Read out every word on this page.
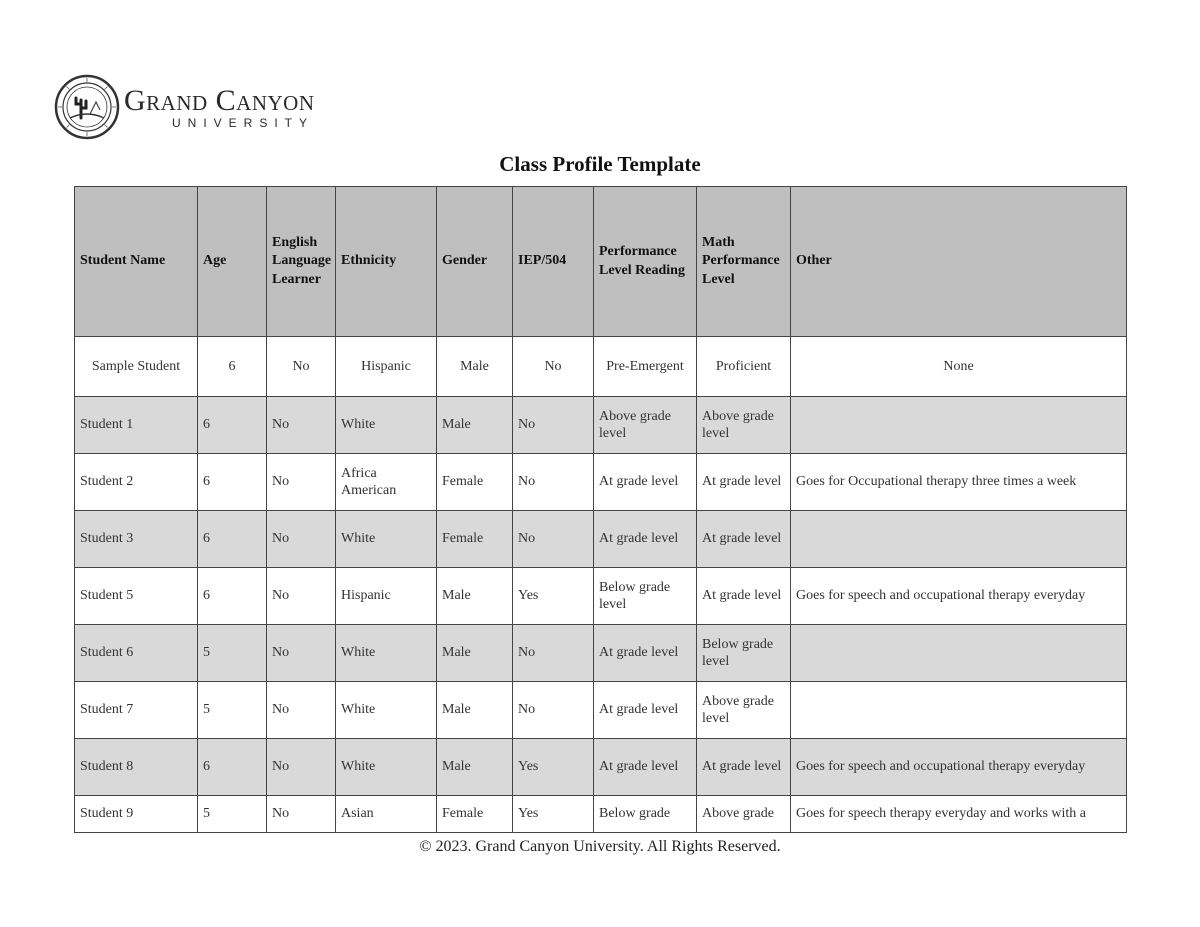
Grand Canyon
UNIVERSITY
Class Profile Template
Student Name	Age	English Language Learner	Ethnicity	Gender	IEP/504	Performance Level Reading	Math Performance Level	Other
Sample Student	6	No	Hispanic	Male	No	Pre-Emergent	Proficient	None
Student 1	6	No	White	Male	No	Above grade level	Above grade level	
Student 2	6	No	Africa American	Female	No	At grade level	At grade level	Goes for Occupational therapy three times a week
Student 3	6	No	White	Female	No	At grade level	At grade level	
Student 5	6	No	Hispanic	Male	Yes	Below grade level	At grade level	Goes for speech and occupational therapy everyday
Student 6	5	No	White	Male	No	At grade level	Below grade level	
Student 7	5	No	White	Male	No	At grade level	Above grade level	
Student 8	6	No	White	Male	Yes	At grade level	At grade level	Goes for speech and occupational therapy everyday
Student 9	5	No	Asian	Female	Yes	Below grade	Above grade	Goes for speech therapy everyday and works with a
© 2023. Grand Canyon University. All Rights Reserved.
